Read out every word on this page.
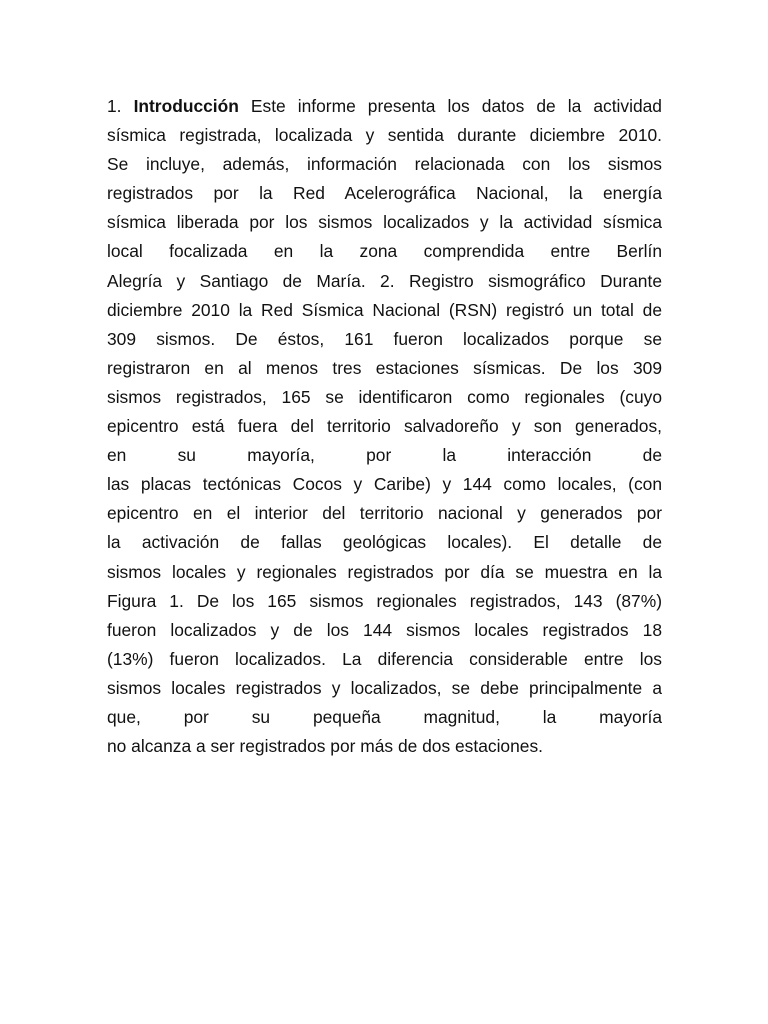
1. Introducción Este informe presenta los datos de la actividad
sísmica registrada, localizada y sentida durante diciembre 2010.
Se incluye, además, información relacionada con los sismos
registrados por la Red Acelerográfica Nacional, la energía
sísmica liberada por los sismos localizados y la actividad sísmica
local focalizada en la zona comprendida entre Berlín
Alegría y Santiago de María. 2. Registro sismográfico Durante
diciembre 2010 la Red Sísmica Nacional (RSN) registró un total de
309 sismos. De éstos, 161 fueron localizados porque se
registraron en al menos tres estaciones sísmicas. De los 309
sismos registrados, 165 se identificaron como regionales (cuyo
epicentro está fuera del territorio salvadoreño y son generados,
en su mayoría, por la interacción de
las placas tectónicas Cocos y Caribe) y 144 como locales, (con
epicentro en el interior del territorio nacional y generados por
la activación de fallas geológicas locales). El detalle de
sismos locales y regionales registrados por día se muestra en la
Figura 1. De los 165 sismos regionales registrados, 143 (87%)
fueron localizados y de los 144 sismos locales registrados 18
(13%) fueron localizados. La diferencia considerable entre los
sismos locales registrados y localizados, se debe principalmente a
que, por su pequeña magnitud, la mayoría
no alcanza a ser registrados por más de dos estaciones.
